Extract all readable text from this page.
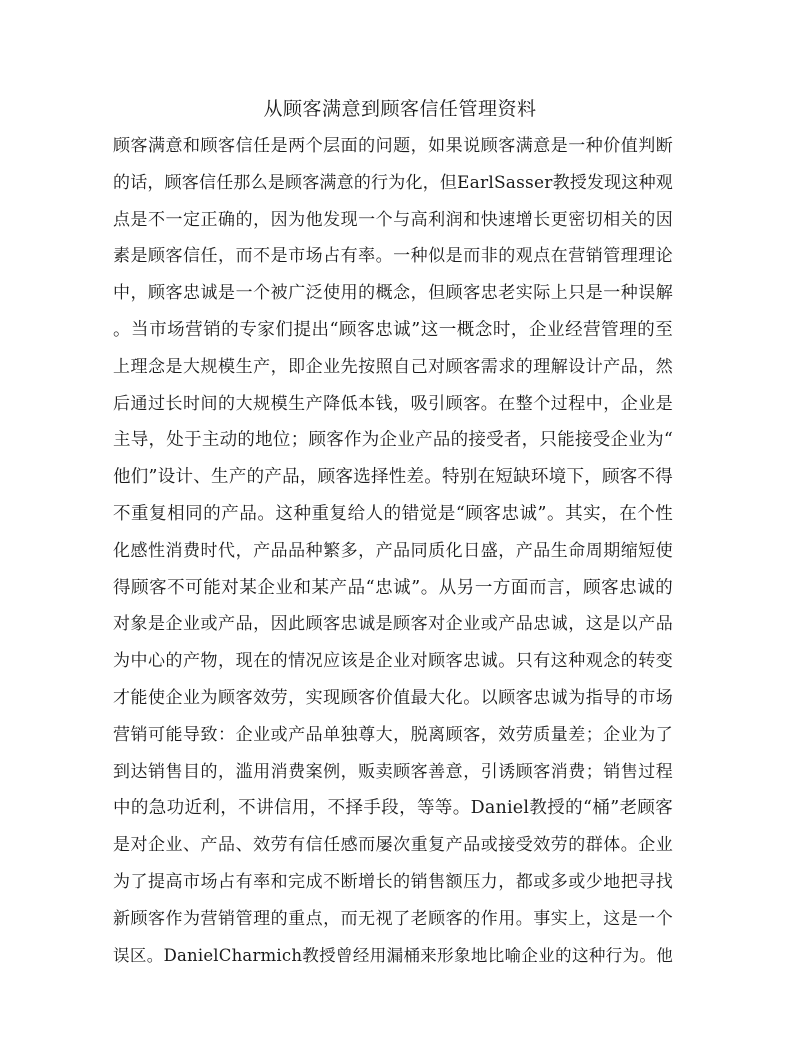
从顾客满意到顾客信任管理资料
顾客满意和顾客信任是两个层面的问题，如果说顾客满意是一种价值判断
的话，顾客信任那么是顾客满意的行为化，但EarlSasser教授发现这种观
点是不一定正确的，因为他发现一个与高利润和快速增长更密切相关的因
素是顾客信任，而不是市场占有率。一种似是而非的观点在营销管理理论
中，顾客忠诚是一个被广泛使用的概念，但顾客忠老实际上只是一种误解
。当市场营销的专家们提出“顾客忠诚”这一概念时，企业经营管理的至
上理念是大规模生产，即企业先按照自己对顾客需求的理解设计产品，然
后通过长时间的大规模生产降低本钱，吸引顾客。在整个过程中，企业是
主导，处于主动的地位；顾客作为企业产品的接受者，只能接受企业为“
他们”设计、生产的产品，顾客选择性差。特别在短缺环境下，顾客不得
不重复相同的产品。这种重复给人的错觉是“顾客忠诚”。其实，在个性
化感性消费时代，产品品种繁多，产品同质化日盛，产品生命周期缩短使
得顾客不可能对某企业和某产品“忠诚”。从另一方面而言，顾客忠诚的
对象是企业或产品，因此顾客忠诚是顾客对企业或产品忠诚，这是以产品
为中心的产物，现在的情况应该是企业对顾客忠诚。只有这种观念的转变
才能使企业为顾客效劳，实现顾客价值最大化。以顾客忠诚为指导的市场
营销可能导致：企业或产品单独尊大，脱离顾客，效劳质量差；企业为了
到达销售目的，滥用消费案例，贩卖顾客善意，引诱顾客消费；销售过程
中的急功近利，不讲信用，不择手段，等等。Daniel教授的“桶”老顾客
是对企业、产品、效劳有信任感而屡次重复产品或接受效劳的群体。企业
为了提高市场占有率和完成不断增长的销售额压力，都或多或少地把寻找
新顾客作为营销管理的重点，而无视了老顾客的作用。事实上，这是一个
误区。DanielCharmich教授曾经用漏桶来形象地比喻企业的这种行为。他
